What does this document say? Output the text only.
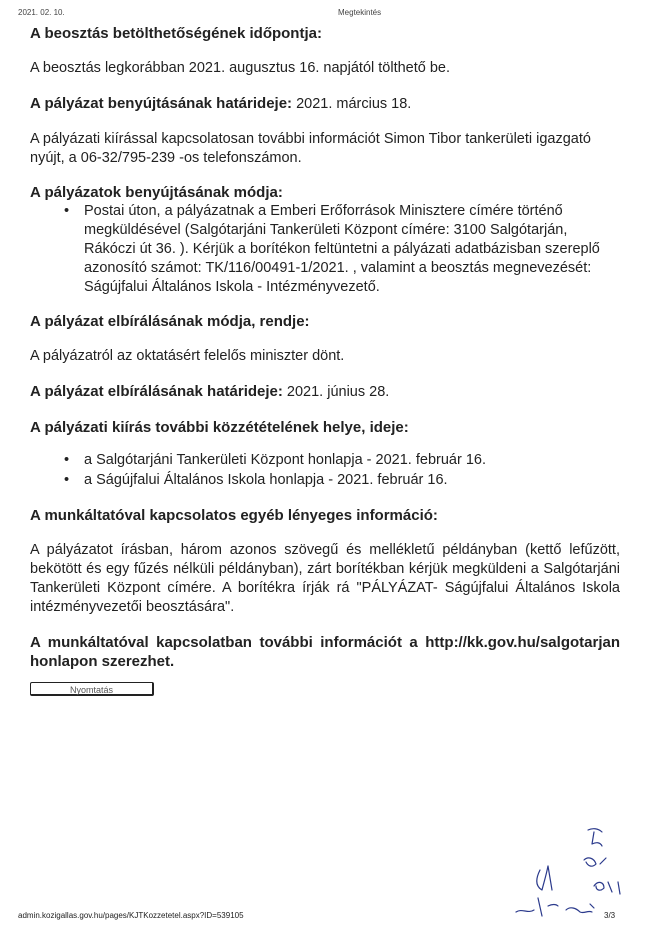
2021. 02. 10.	Megtekintés

A beosztás betölthetőségének időpontja:

A beosztás legkorábban 2021. augusztus 16. napjától tölthető be.

A pályázat benyújtásának határideje: 2021. március 18.

A pályázati kiírással kapcsolatosan további információt Simon Tibor tankerületi igazgató nyújt, a 06-32/795-239 -os telefonszámon.

A pályázatok benyújtásának módja:

• Postai úton, a pályázatnak a Emberi Erőforrások Minisztere címére történő megküldésével (Salgótarjáni Tankerületi Központ címére: 3100 Salgótarján, Rákóczi út 36. ). Kérjük a borítékon feltüntetni a pályázati adatbázisban szereplő azonosító számot: TK/116/00491-1/2021. , valamint a beosztás megnevezését: Ságújfalui Általános Iskola - Intézményvezető.

A pályázat elbírálásának módja, rendje:

A pályázatról az oktatásért felelős miniszter dönt.

A pályázat elbírálásának határideje: 2021. június 28.

A pályázati kiírás további közzétételének helye, ideje:

• a Salgótarjáni Tankerületi Központ honlapja - 2021. február 16.
• a Ságújfalui Általános Iskola honlapja - 2021. február 16.

A munkáltatóval kapcsolatos egyéb lényeges információ:

A pályázatot írásban, három azonos szövegű és mellékletű példányban (kettő lefűzött, bekötött és egy fűzés nélküli példányban), zárt borítékban kérjük megküldeni a Salgótarjáni Tankerületi Központ címére. A borítékra írják rá "PÁLYÁZAT- Ságújfalui Általános Iskola intézményvezetői beosztására".

A munkáltatóval kapcsolatban további információt a http://kk.gov.hu/salgotarjan honlapon szerezhet.

Nyomtatás
admin.kozigallas.gov.hu/pages/KJTKozzetetel.aspx?ID=539105	3/3
